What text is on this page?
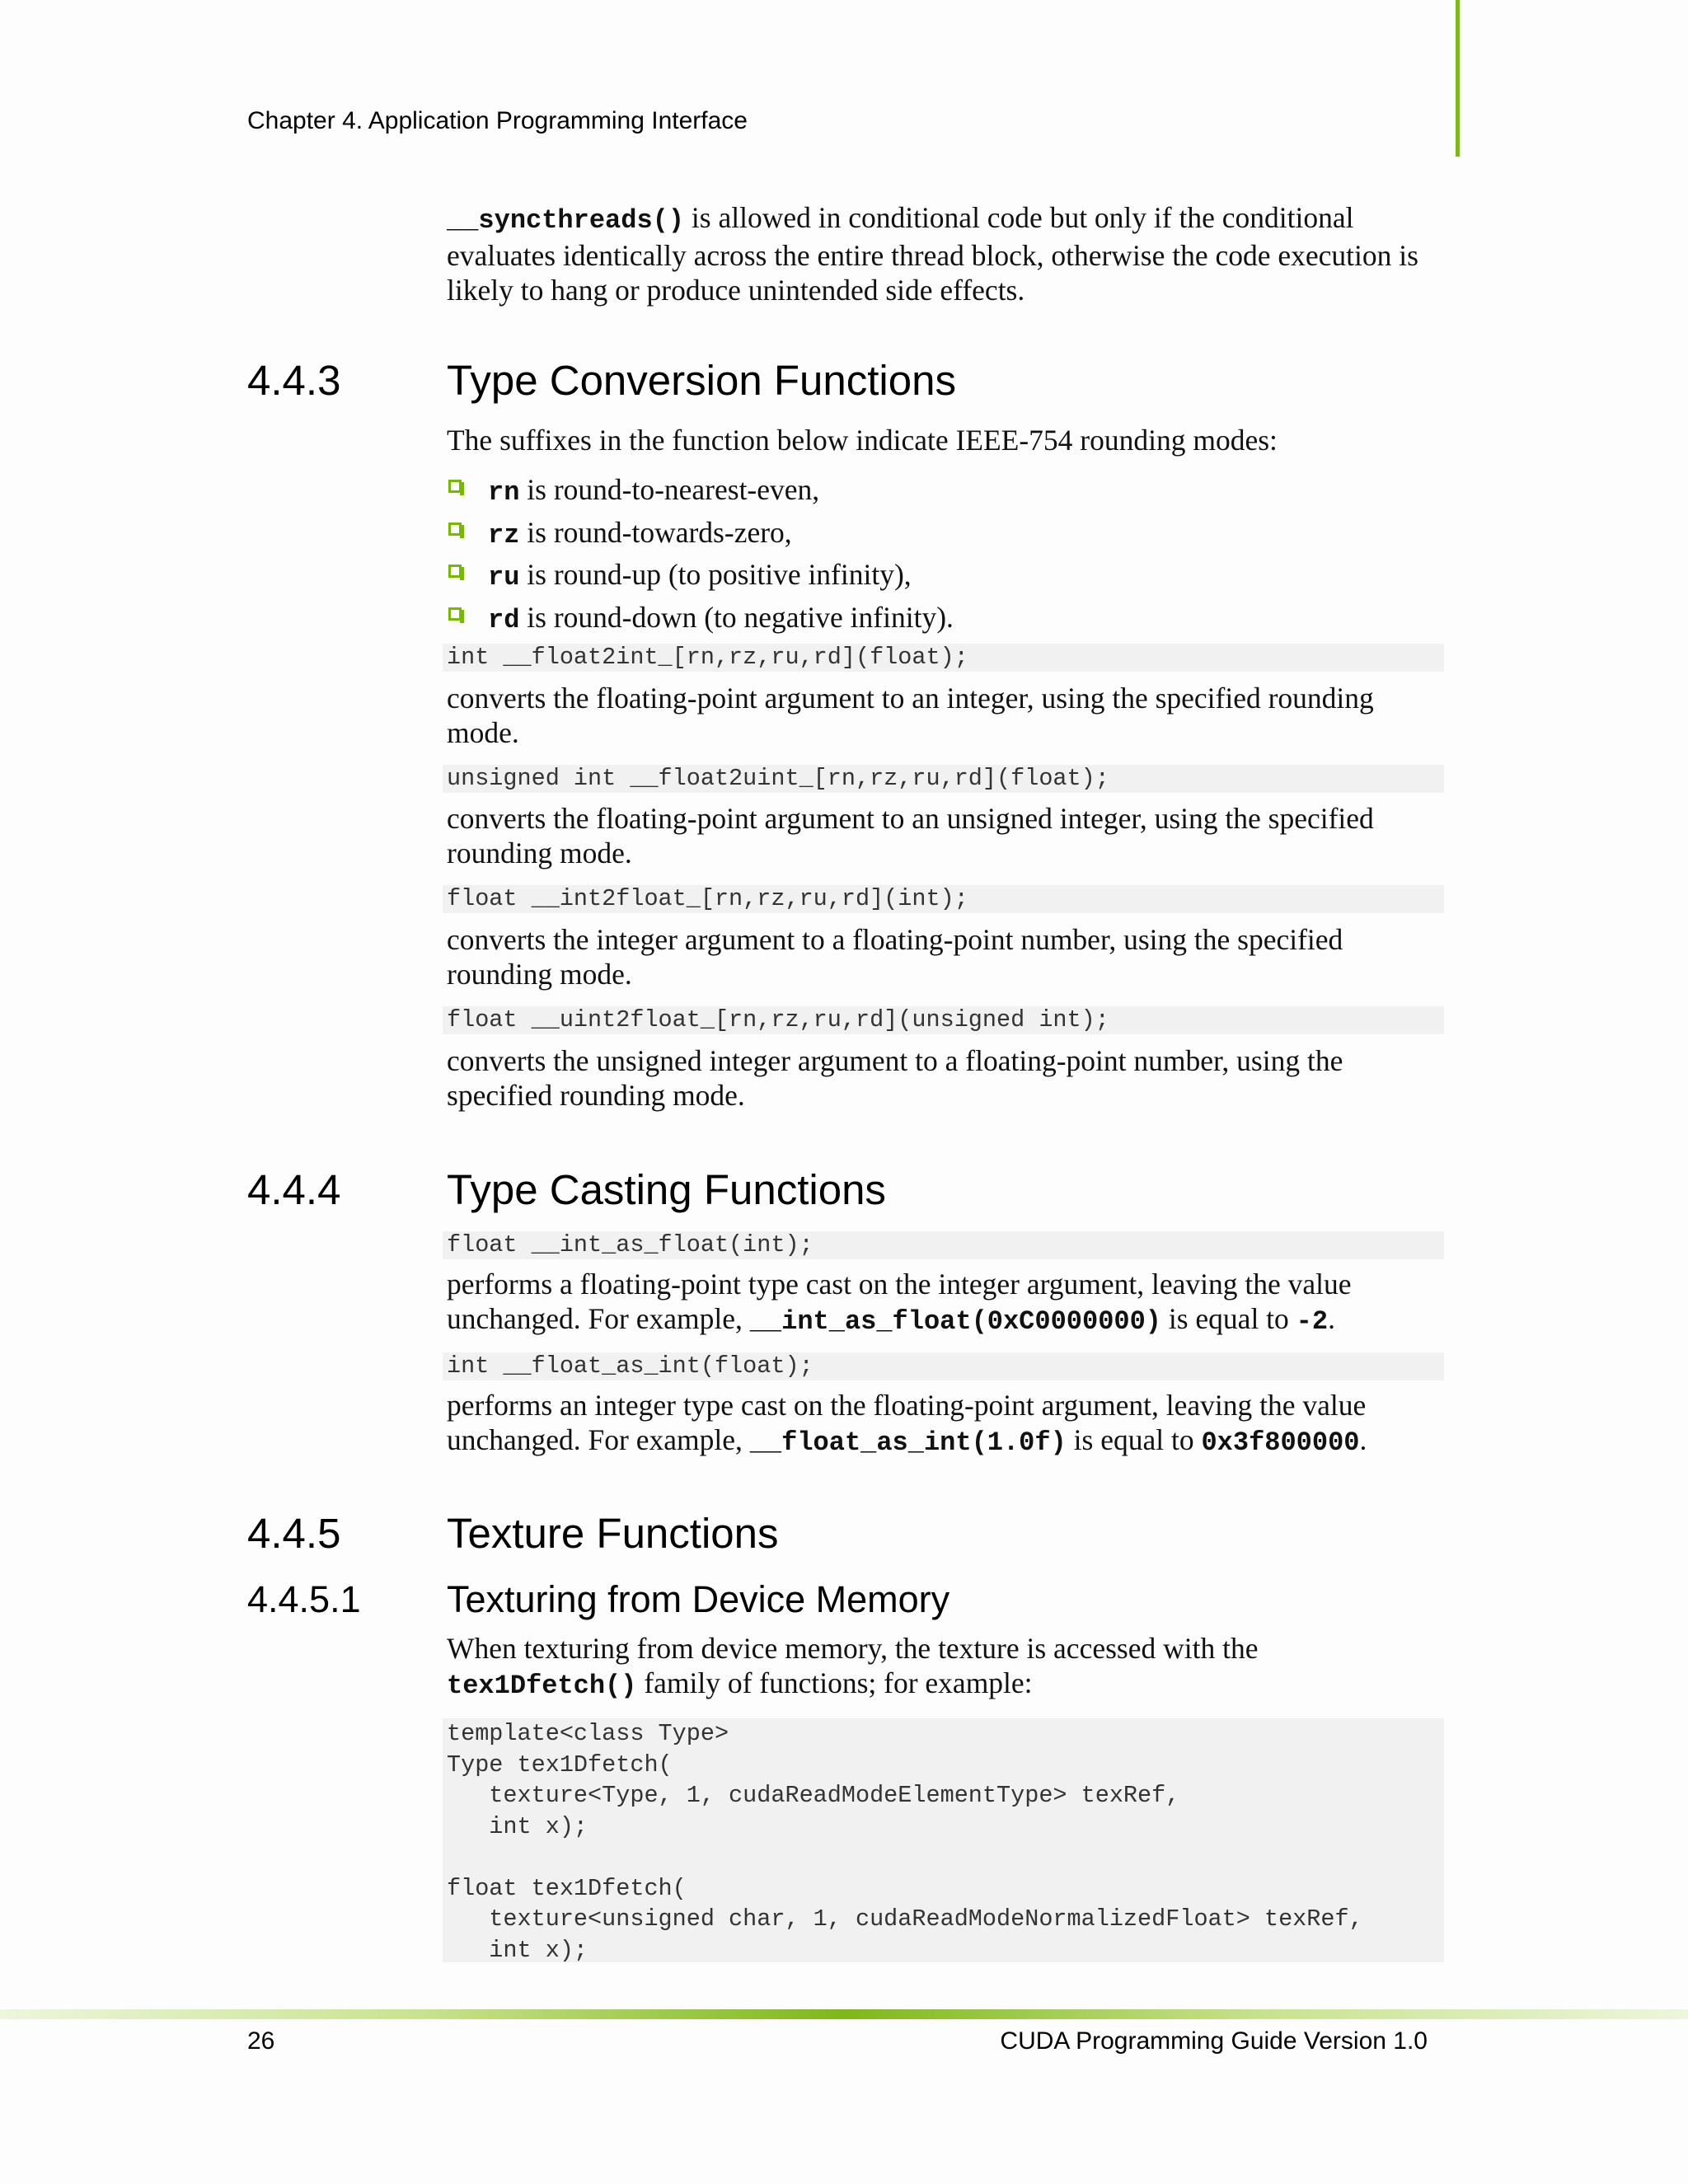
Chapter 4. Application Programming Interface
__syncthreads() is allowed in conditional code but only if the conditional evaluates identically across the entire thread block, otherwise the code execution is likely to hang or produce unintended side effects.
4.4.3	Type Conversion Functions
The suffixes in the function below indicate IEEE-754 rounding modes:
rn is round-to-nearest-even,
rz is round-towards-zero,
ru is round-up (to positive infinity),
rd is round-down (to negative infinity).
int __float2int_[rn,rz,ru,rd](float);
converts the floating-point argument to an integer, using the specified rounding mode.
unsigned int __float2uint_[rn,rz,ru,rd](float);
converts the floating-point argument to an unsigned integer, using the specified rounding mode.
float __int2float_[rn,rz,ru,rd](int);
converts the integer argument to a floating-point number, using the specified rounding mode.
float __uint2float_[rn,rz,ru,rd](unsigned int);
converts the unsigned integer argument to a floating-point number, using the specified rounding mode.
4.4.4	Type Casting Functions
float __int_as_float(int);
performs a floating-point type cast on the integer argument, leaving the value unchanged. For example, __int_as_float(0xC0000000) is equal to -2.
int __float_as_int(float);
performs an integer type cast on the floating-point argument, leaving the value unchanged. For example, __float_as_int(1.0f) is equal to 0x3f800000.
4.4.5	Texture Functions
4.4.5.1 Texturing from Device Memory
When texturing from device memory, the texture is accessed with the tex1Dfetch() family of functions; for example:
template<class Type>
Type tex1Dfetch(
texture<Type, 1, cudaReadModeElementType> texRef,
int x);
float tex1Dfetch(
texture<unsigned char, 1, cudaReadModeNormalizedFloat> texRef,
int x);
26	CUDA Programming Guide Version 1.0
